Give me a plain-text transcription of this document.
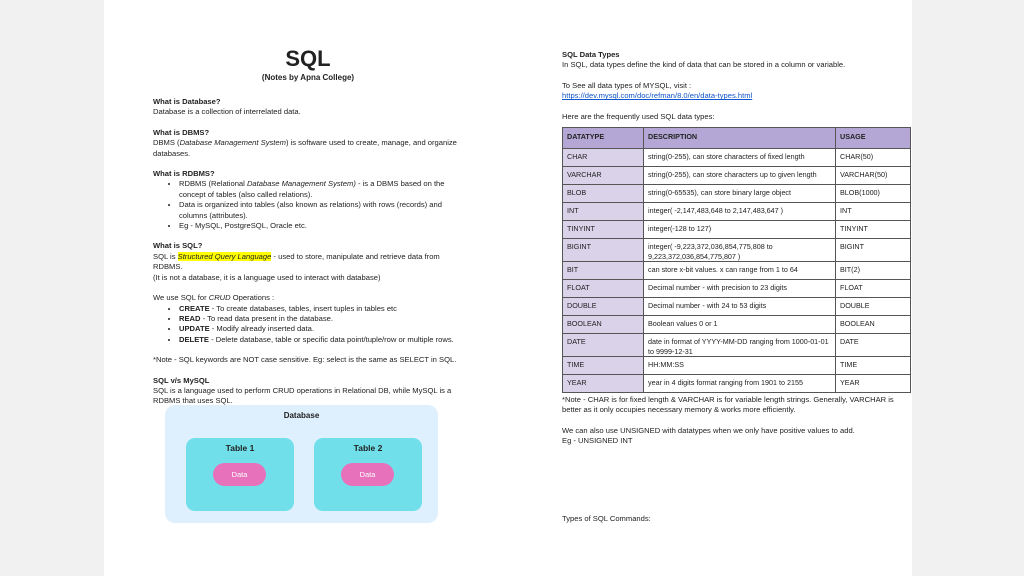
SQL
(Notes by Apna College)

What is Database?

Database is a collection of interrelated data.

What is DBMS?

DBMS (Database Management System) is software used to create, manage, and organize databases.

What is RDBMS?

• RDBMS (Relational Database Management System) - is a DBMS based on the concept of tables (also called relations).
• Data is organized into tables (also known as relations) with rows (records) and columns (attributes).
• Eg - MySQL, PostgreSQL, Oracle etc.

What is SQL?

SQL is Structured Query Language - used to store, manipulate and retrieve data from RDBMS.

(It is not a database, it is a language used to interact with database)

We use SQL for CRUD Operations :

• CREATE - To create databases, tables, insert tuples in tables etc
• READ - To read data present in the database.
• UPDATE - Modify already inserted data.
• DELETE - Delete database, table or specific data point/tuple/row or multiple rows.

*Note - SQL keywords are NOT case sensitive. Eg: select is the same as SELECT in SQL.

SQL v/s MySQL

SQL is a language used to perform CRUD operations in Relational DB, while MySQL is a RDBMS that uses SQL.

Database
Table 1
Data
Table 2
Data

SQL Data Types

In SQL, data types define the kind of data that can be stored in a column or variable.

To See all data types of MYSQL, visit :

https://dev.mysql.com/doc/refman/8.0/en/data-types.html

Here are the frequently used SQL data types:

DATATYPE	DESCRIPTION	USAGE
CHAR	string(0-255), can store characters of fixed length	CHAR(50)
VARCHAR	string(0-255), can store characters up to given length	VARCHAR(50)
BLOB	string(0-65535), can store binary large object	BLOB(1000)
INT	integer( -2,147,483,648 to 2,147,483,647 )	INT
TINYINT	integer(-128 to 127)	TINYINT
BIGINT	integer( -9,223,372,036,854,775,808 to 9,223,372,036,854,775,807 )	BIGINT
BIT	can store x-bit values. x can range from 1 to 64	BIT(2)
FLOAT	Decimal number - with precision to 23 digits	FLOAT
DOUBLE	Decimal number - with 24 to 53 digits	DOUBLE
BOOLEAN	Boolean values 0 or 1	BOOLEAN
DATE	date in format of YYYY-MM-DD ranging from 1000-01-01 to 9999-12-31	DATE
TIME	HH:MM:SS	TIME
YEAR	year in 4 digits format ranging from 1901 to 2155	YEAR

*Note - CHAR is for fixed length & VARCHAR is for variable length strings. Generally, VARCHAR is better as it only occupies necessary memory & works more efficiently.

We can also use UNSIGNED with datatypes when we only have positive values to add.

Eg - UNSIGNED INT

Types of SQL Commands:
